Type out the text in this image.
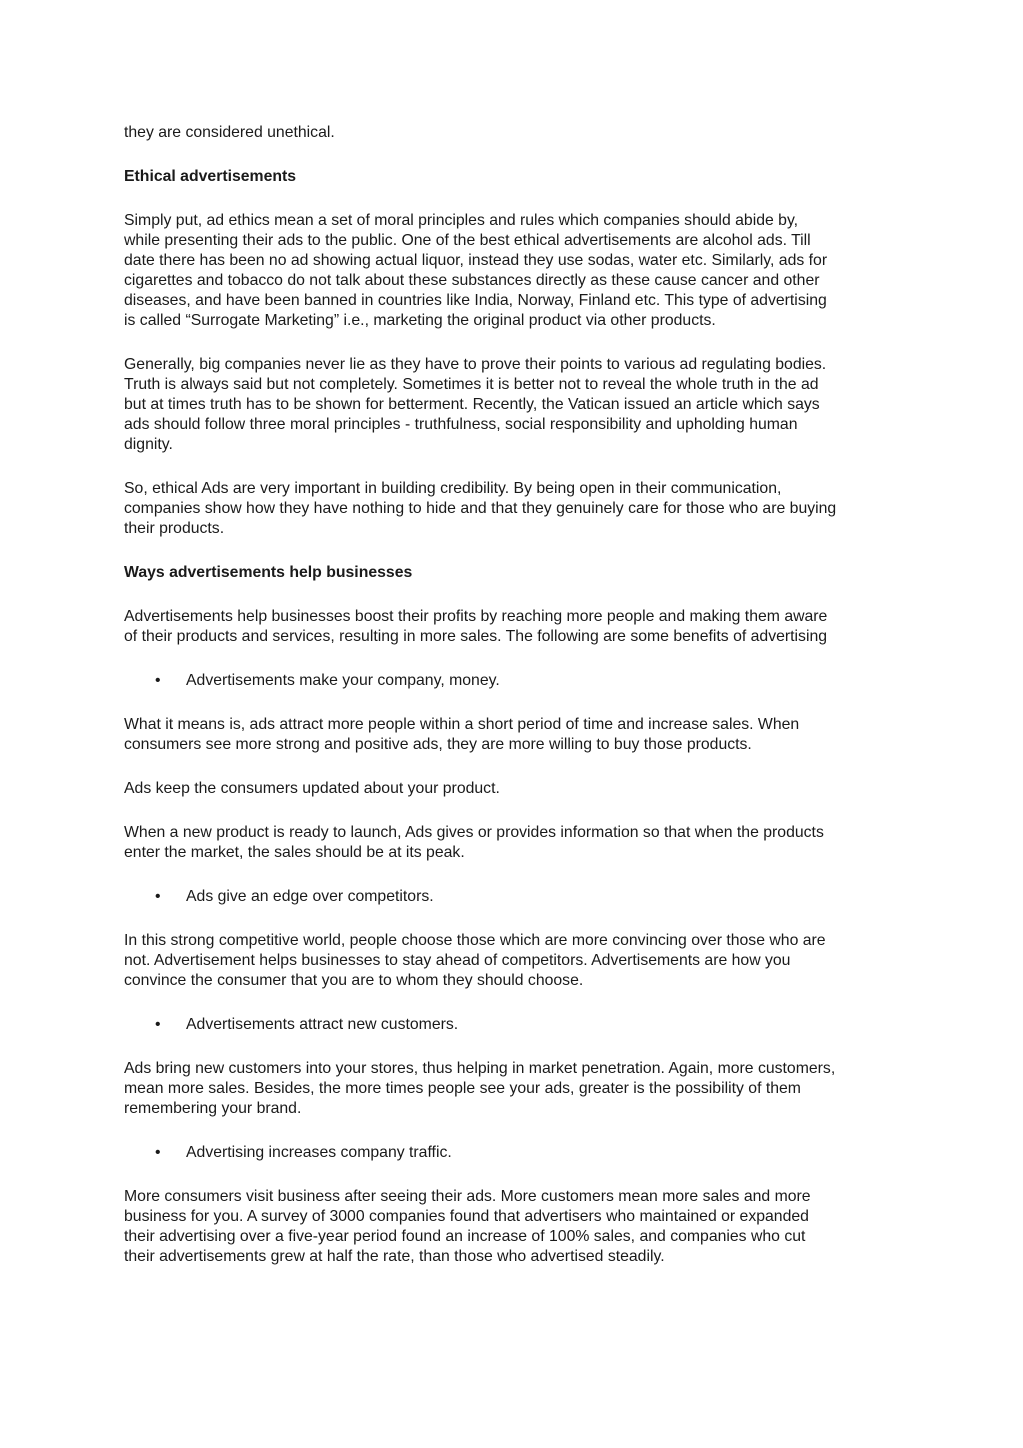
they are considered unethical.

Ethical advertisements

Simply put, ad ethics mean a set of moral principles and rules which companies should abide by,
while presenting their ads to the public. One of the best ethical advertisements are alcohol ads. Till
date there has been no ad showing actual liquor, instead they use sodas, water etc. Similarly, ads for
cigarettes and tobacco do not talk about these substances directly as these cause cancer and other
diseases, and have been banned in countries like India, Norway, Finland etc. This type of advertising
is called “Surrogate Marketing” i.e., marketing the original product via other products.

Generally, big companies never lie as they have to prove their points to various ad regulating bodies.
Truth is always said but not completely. Sometimes it is better not to reveal the whole truth in the ad
but at times truth has to be shown for betterment. Recently, the Vatican issued an article which says
ads should follow three moral principles - truthfulness, social responsibility and upholding human
dignity.

So, ethical Ads are very important in building credibility. By being open in their communication,
companies show how they have nothing to hide and that they genuinely care for those who are buying
their products.

Ways advertisements help businesses

Advertisements help businesses boost their profits by reaching more people and making them aware
of their products and services, resulting in more sales. The following are some benefits of advertising

• Advertisements make your company, money.

What it means is, ads attract more people within a short period of time and increase sales. When
consumers see more strong and positive ads, they are more willing to buy those products.

Ads keep the consumers updated about your product.

When a new product is ready to launch, Ads gives or provides information so that when the products
enter the market, the sales should be at its peak.

• Ads give an edge over competitors.

In this strong competitive world, people choose those which are more convincing over those who are
not. Advertisement helps businesses to stay ahead of competitors. Advertisements are how you
convince the consumer that you are to whom they should choose.

• Advertisements attract new customers.

Ads bring new customers into your stores, thus helping in market penetration. Again, more customers,
mean more sales. Besides, the more times people see your ads, greater is the possibility of them
remembering your brand.

• Advertising increases company traffic.

More consumers visit business after seeing their ads. More customers mean more sales and more
business for you. A survey of 3000 companies found that advertisers who maintained or expanded
their advertising over a five-year period found an increase of 100% sales, and companies who cut
their advertisements grew at half the rate, than those who advertised steadily.
